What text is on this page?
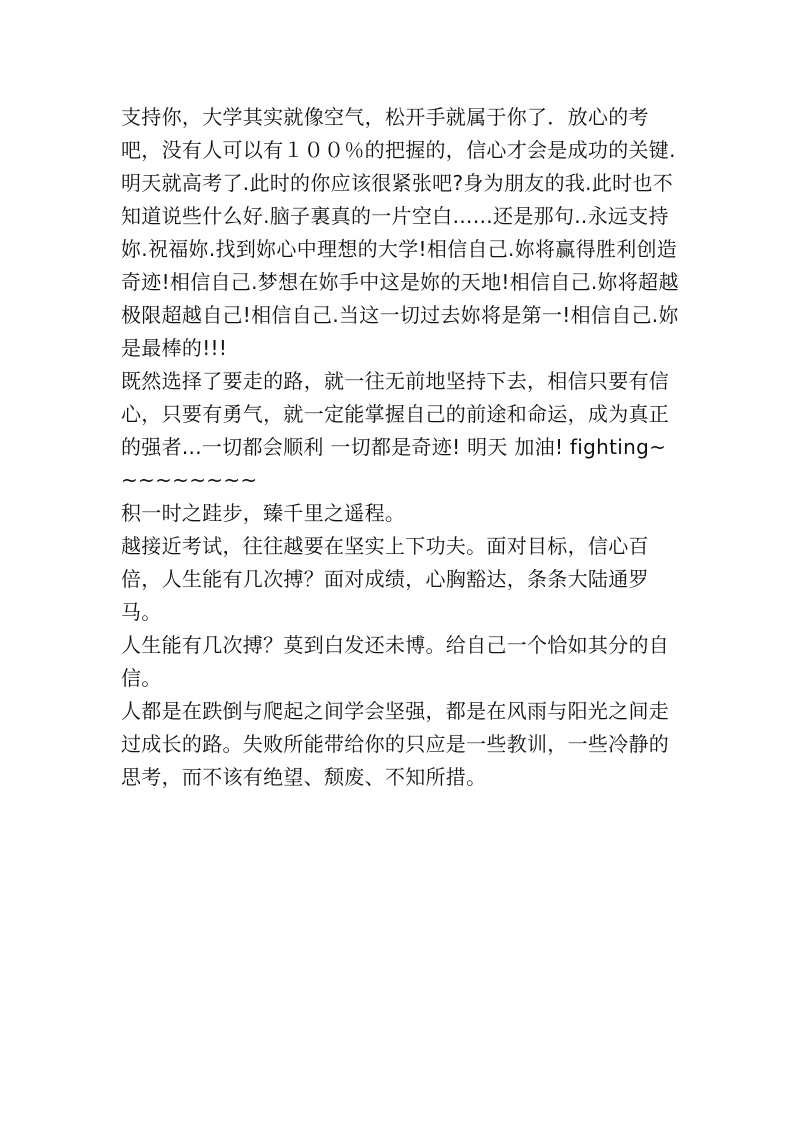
支持你，大学其实就像空气，松开手就属于你了．放心的考吧，没有人可以有１００％的把握的，信心才会是成功的关键.

明天就高考了.此时的你应该很紧张吧?身为朋友的我.此时也不知道说些什么好.脑子裏真的一片空白……还是那句..永远支持妳.祝福妳.找到妳心中理想的大学!相信自己.妳将赢得胜利创造奇迹!相信自己.梦想在妳手中这是妳的天地!相信自己.妳将超越极限超越自己!相信自己.当这一切过去妳将是第一!相信自己.妳是最棒的!!!

既然选择了要走的路，就一往无前地坚持下去，相信只要有信心，只要有勇气，就一定能掌握自己的前途和命运，成为真正的强者...一切都会顺利 一切都是奇迹! 明天 加油! fighting~~~~~~~~~

积一时之跬步，臻千里之遥程。

越接近考试，往往越要在坚实上下功夫。面对目标，信心百倍，人生能有几次搏？面对成绩，心胸豁达，条条大陆通罗马。

人生能有几次搏？莫到白发还未博。给自己一个恰如其分的自信。

人都是在跌倒与爬起之间学会坚强，都是在风雨与阳光之间走过成长的路。失败所能带给你的只应是一些教训，一些冷静的思考，而不该有绝望、颓废、不知所措。
